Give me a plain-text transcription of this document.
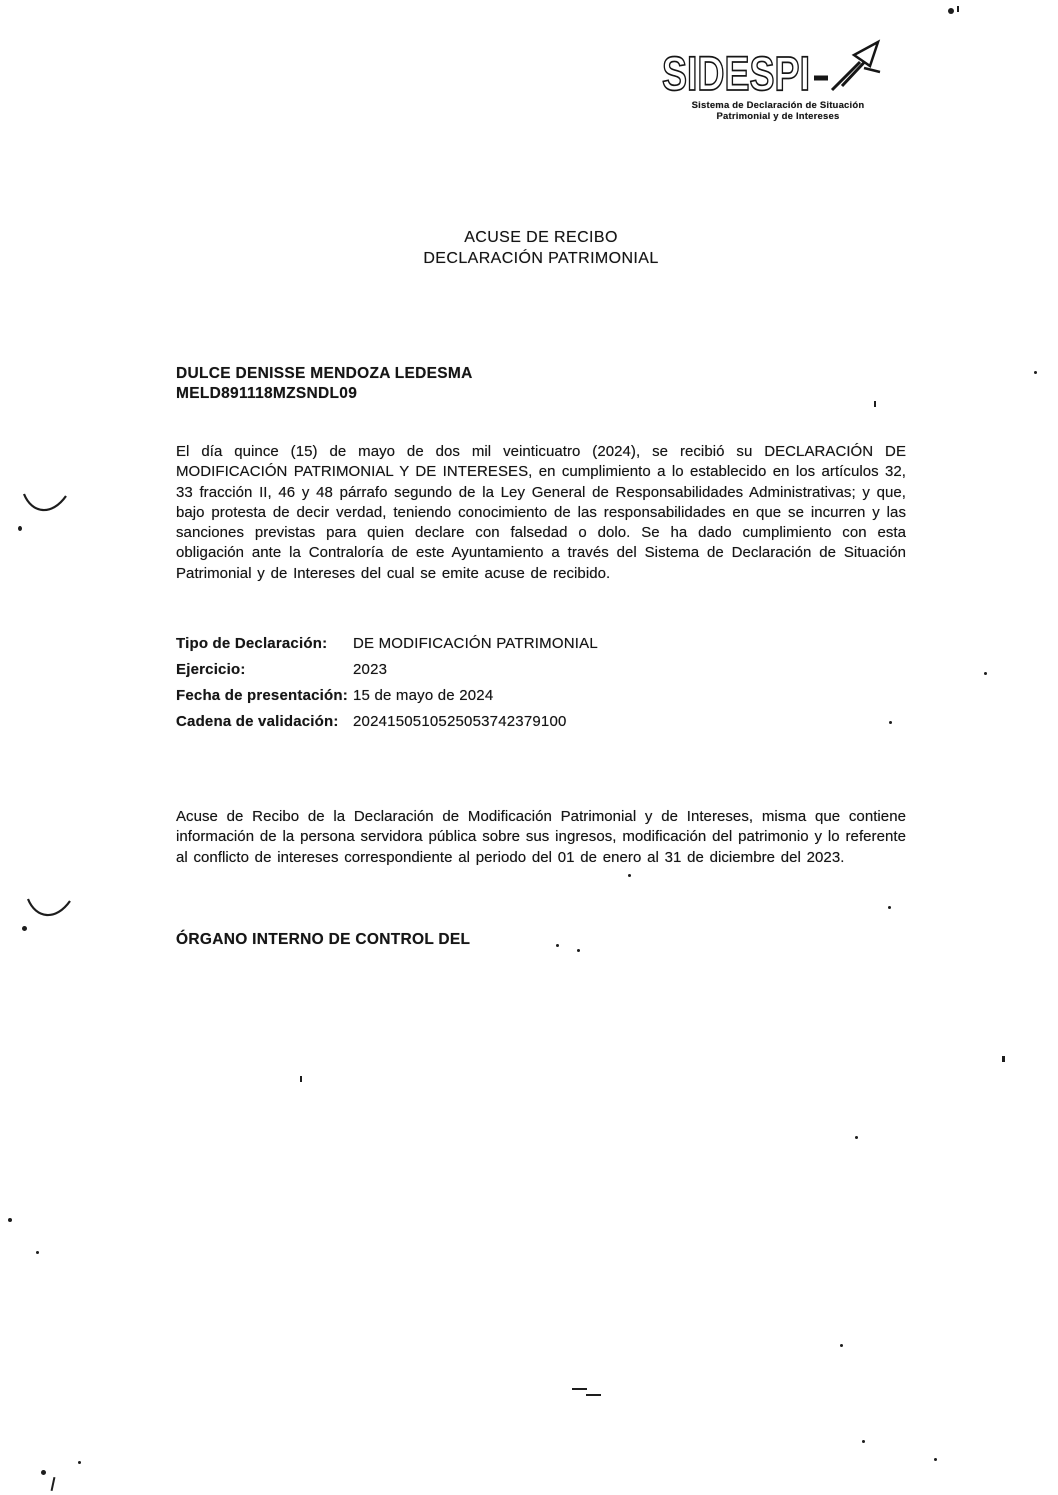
SIDESPI
Sistema de Declaración de Situación
Patrimonial y de Intereses
ACUSE DE RECIBO
DECLARACIÓN PATRIMONIAL
DULCE DENISSE MENDOZA LEDESMA
MELD891118MZSNDL09

El día quince (15) de mayo de dos mil veinticuatro (2024), se recibió su DECLARACIÓN DE MODIFICACIÓN PATRIMONIAL Y DE INTERESES, en cumplimiento a lo establecido en los artículos 32, 33 fracción II, 46 y 48 párrafo segundo de la Ley General de Responsabilidades Administrativas; y que, bajo protesta de decir verdad, teniendo conocimiento de las responsabilidades en que se incurren y las sanciones previstas para quien declare con falsedad o dolo. Se ha dado cumplimiento con esta obligación ante la Contraloría de este Ayuntamiento a través del Sistema de Declaración de Situación Patrimonial y de Intereses del cual se emite acuse de recibido.

Tipo de Declaración:	DE MODIFICACIÓN PATRIMONIAL
Ejercicio:	2023
Fecha de presentación: 15 de mayo de 2024
Cadena de validación: 2024150510525053742379100

Acuse de Recibo de la Declaración de Modificación Patrimonial y de Intereses, misma que contiene información de la persona servidora pública sobre sus ingresos, modificación del patrimonio y lo referente al conflicto de intereses correspondiente al periodo del 01 de enero al 31 de diciembre del 2023.

ÓRGANO INTERNO DE CONTROL DEL
